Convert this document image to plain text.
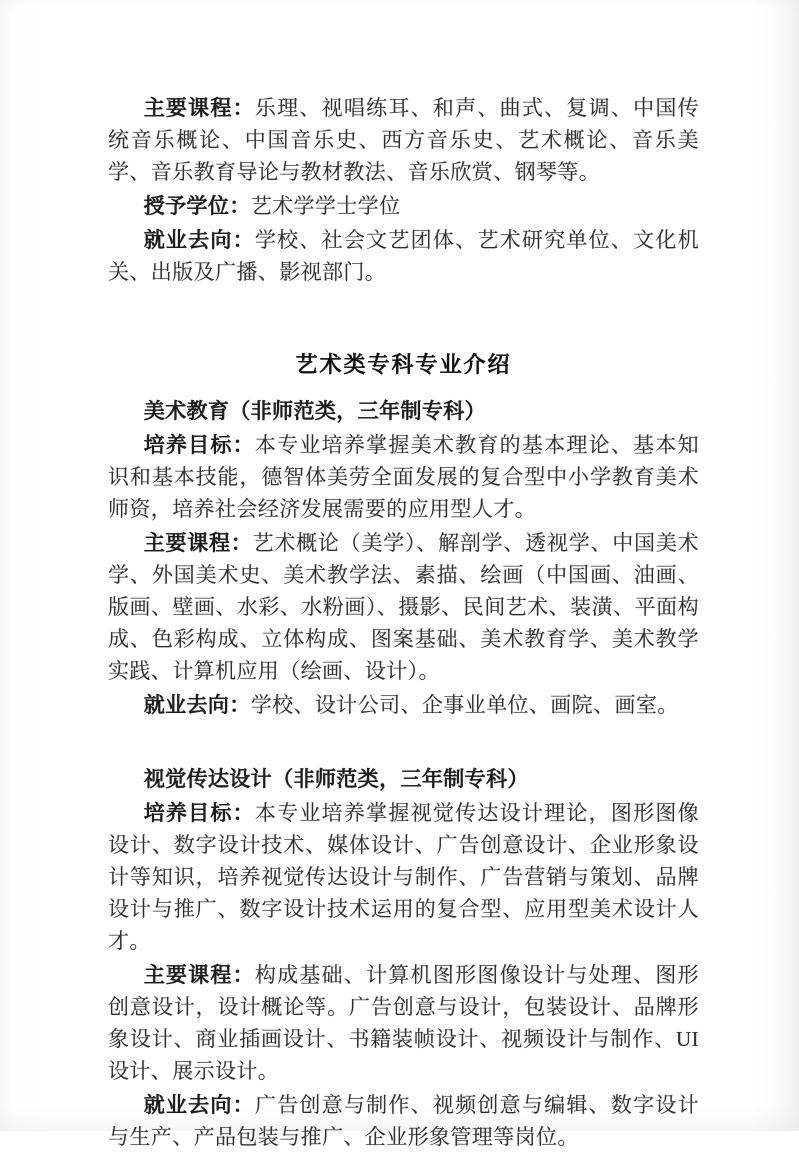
主要课程：乐理、视唱练耳、和声、曲式、复调、中国传统音乐概论、中国音乐史、西方音乐史、艺术概论、音乐美学、音乐教育导论与教材教法、音乐欣赏、钢琴等。

授予学位：艺术学学士学位

就业去向：学校、社会文艺团体、艺术研究单位、文化机关、出版及广播、影视部门。

艺术类专科专业介绍

美术教育（非师范类，三年制专科）

培养目标：本专业培养掌握美术教育的基本理论、基本知识和基本技能，德智体美劳全面发展的复合型中小学教育美术师资，培养社会经济发展需要的应用型人才。

主要课程：艺术概论（美学）、解剖学、透视学、中国美术学、外国美术史、美术教学法、素描、绘画（中国画、油画、版画、壁画、水彩、水粉画）、摄影、民间艺术、装潢、平面构成、色彩构成、立体构成、图案基础、美术教育学、美术教学实践、计算机应用（绘画、设计）。

就业去向：学校、设计公司、企事业单位、画院、画室。

视觉传达设计（非师范类，三年制专科）

培养目标：本专业培养掌握视觉传达设计理论，图形图像设计、数字设计技术、媒体设计、广告创意设计、企业形象设计等知识，培养视觉传达设计与制作、广告营销与策划、品牌设计与推广、数字设计技术运用的复合型、应用型美术设计人才。

主要课程：构成基础、计算机图形图像设计与处理、图形创意设计，设计概论等。广告创意与设计，包装设计、品牌形象设计、商业插画设计、书籍装帧设计、视频设计与制作、UI 设计、展示设计。

就业去向：广告创意与制作、视频创意与编辑、数字设计与生产、产品包装与推广、企业形象管理等岗位。
